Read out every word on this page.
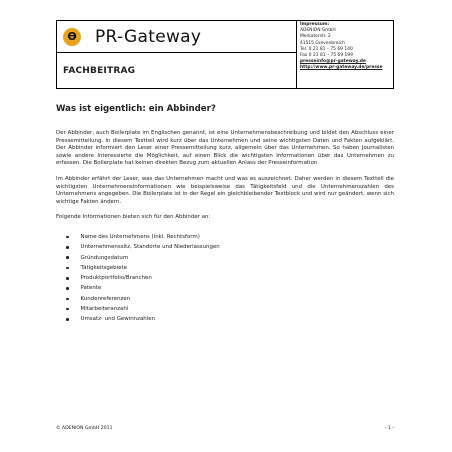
ϴ PR-Gateway
FACHBEITRAG
Impressum:
ADENION GmbH
Merkatorstr. 2
41515 Grevenbroich
Tel. 0 21 81 – 75 69 140
Fax 0 21 81 – 75 69 199
presseinfo@pr-gateway.de
http://www.pr-gateway.de/presse
Was ist eigentlich: ein Abbinder?

Der Abbinder, auch Boilerplate im Englischen genannt, ist eine Unternehmensbeschreibung und bildet den Abschluss einer Pressemitteilung. In diesem Textteil wird kurz über das Unternehmen und seine wichtigsten Daten und Fakten aufgeklärt. Der Abbinder informiert den Leser einer Pressemitteilung kurz, allgemein über das Unternehmen. So haben Journalisten sowie andere Interessierte die Möglichkeit, auf einen Blick die wichtigsten Informationen über das Unternehmen zu erfassen. Die Boilerplate hat keinen direkten Bezug zum aktuellen Anlass der Presseinformation.

Im Abbinder erfährt der Leser, was das Unternehmen macht und was es auszeichnet. Daher werden in diesem Textteil die wichtigsten Unternehmensinformationen wie beispielsweise das Tätigkeitsfeld und die Unternehmenszahlen des Unternehmens angegeben. Die Boilerplate ist in der Regel ein gleichbleibender Textblock und wird nur geändert, wenn sich wichtige Fakten ändern.

Folgende Informationen bieten sich für den Abbinder an:

Name des Unternehmens (inkl. Rechtsform)
Unternehmenssitz, Standorte und Niederlassungen
Gründungsdatum
Tätigkeitsgebiete
Produktportfolio/Branchen
Patente
Kundenreferenzen
Mitarbeiteranzahl
Umsatz- und Gewinnzahlen
© ADENION GmbH 2011	- 1 -
